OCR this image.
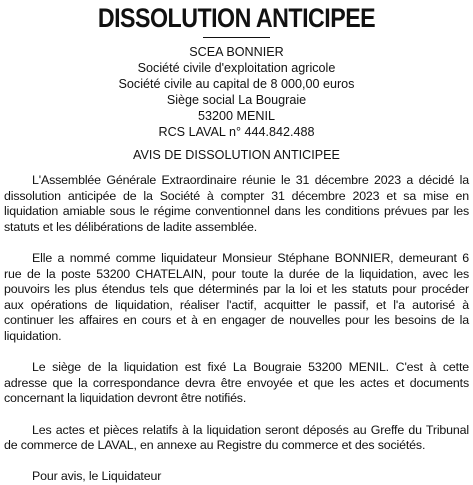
DISSOLUTION ANTICIPEE
SCEA BONNIER
Société civile d'exploitation agricole
Société civile au capital de 8 000,00 euros
Siège social La Bougraie
53200 MENIL
RCS LAVAL n° 444.842.488
AVIS DE DISSOLUTION ANTICIPEE

L'Assemblée Générale Extraordinaire réunie le 31 décembre 2023 a décidé la dissolution anticipée de la Société à compter 31 décembre 2023 et sa mise en liquidation amiable sous le régime conventionnel dans les conditions prévues par les statuts et les délibérations de ladite assemblée.

Elle a nommé comme liquidateur Monsieur Stéphane BONNIER, demeurant 6 rue de la poste 53200 CHATELAIN, pour toute la durée de la liquidation, avec les pouvoirs les plus étendus tels que déterminés par la loi et les statuts pour procéder aux opérations de liquidation, réaliser l'actif, acquitter le passif, et l'a autorisé à continuer les affaires en cours et à en engager de nouvelles pour les besoins de la liquidation.

Le siège de la liquidation est fixé La Bougraie 53200 MENIL. C'est à cette adresse que la correspondance devra être envoyée et que les actes et documents concernant la liquidation devront être notifiés.

Les actes et pièces relatifs à la liquidation seront déposés au Greffe du Tribunal de commerce de LAVAL, en annexe au Registre du commerce et des sociétés.

Pour avis, le Liquidateur
